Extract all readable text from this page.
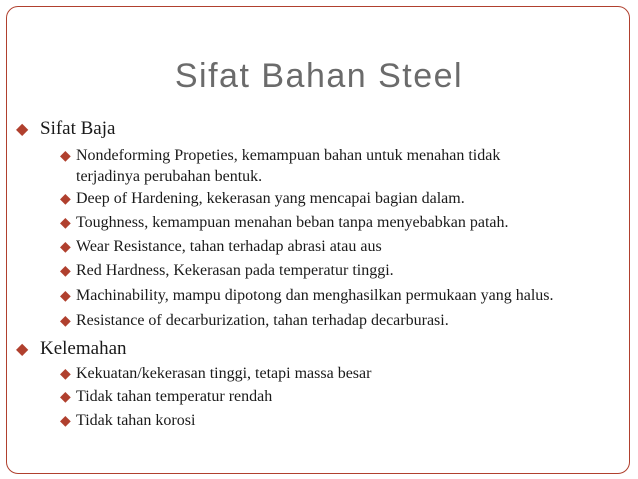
Sifat Bahan Steel
◆ Sifat Baja
◆ Nondeforming Propeties, kemampuan bahan untuk menahan tidak
terjadinya perubahan bentuk.
◆ Deep of Hardening, kekerasan yang mencapai bagian dalam.
◆ Toughness, kemampuan menahan beban tanpa menyebabkan patah.
◆ Wear Resistance, tahan terhadap abrasi atau aus
◆ Red Hardness, Kekerasan pada temperatur tinggi.
◆ Machinability, mampu dipotong dan menghasilkan permukaan yang halus.
◆ Resistance of decarburization, tahan terhadap decarburasi.
◆ Kelemahan
◆ Kekuatan/kekerasan tinggi, tetapi massa besar
◆ Tidak tahan temperatur rendah
◆ Tidak tahan korosi
